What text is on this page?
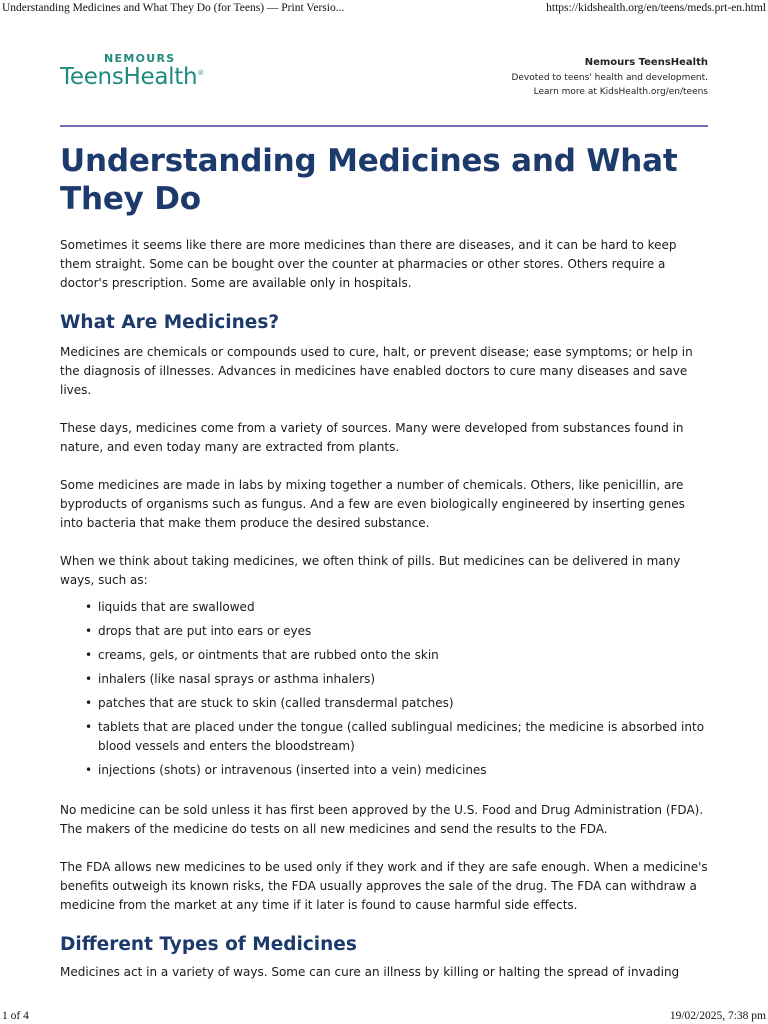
Understanding Medicines and What They Do (for Teens) — Print Versio...	https://kidshealth.org/en/teens/meds.prt-en.html
NEMOURS
TeensHealth®
Nemours TeensHealth
Devoted to teens' health and development.
Learn more at KidsHealth.org/en/teens
Understanding Medicines and What They Do

Sometimes it seems like there are more medicines than there are diseases, and it can be hard to keep them straight. Some can be bought over the counter at pharmacies or other stores. Others require a doctor's prescription. Some are available only in hospitals.

What Are Medicines?

Medicines are chemicals or compounds used to cure, halt, or prevent disease; ease symptoms; or help in the diagnosis of illnesses. Advances in medicines have enabled doctors to cure many diseases and save lives.

These days, medicines come from a variety of sources. Many were developed from substances found in nature, and even today many are extracted from plants.

Some medicines are made in labs by mixing together a number of chemicals. Others, like penicillin, are byproducts of organisms such as fungus. And a few are even biologically engineered by inserting genes into bacteria that make them produce the desired substance.

When we think about taking medicines, we often think of pills. But medicines can be delivered in many ways, such as:

• liquids that are swallowed
• drops that are put into ears or eyes
• creams, gels, or ointments that are rubbed onto the skin
• inhalers (like nasal sprays or asthma inhalers)
• patches that are stuck to skin (called transdermal patches)
• tablets that are placed under the tongue (called sublingual medicines; the medicine is absorbed into blood vessels and enters the bloodstream)
• injections (shots) or intravenous (inserted into a vein) medicines

No medicine can be sold unless it has first been approved by the U.S. Food and Drug Administration (FDA). The makers of the medicine do tests on all new medicines and send the results to the FDA.

The FDA allows new medicines to be used only if they work and if they are safe enough. When a medicine's benefits outweigh its known risks, the FDA usually approves the sale of the drug. The FDA can withdraw a medicine from the market at any time if it later is found to cause harmful side effects.

Different Types of Medicines

Medicines act in a variety of ways. Some can cure an illness by killing or halting the spread of invading

1 of 4	19/02/2025, 7:38 pm
